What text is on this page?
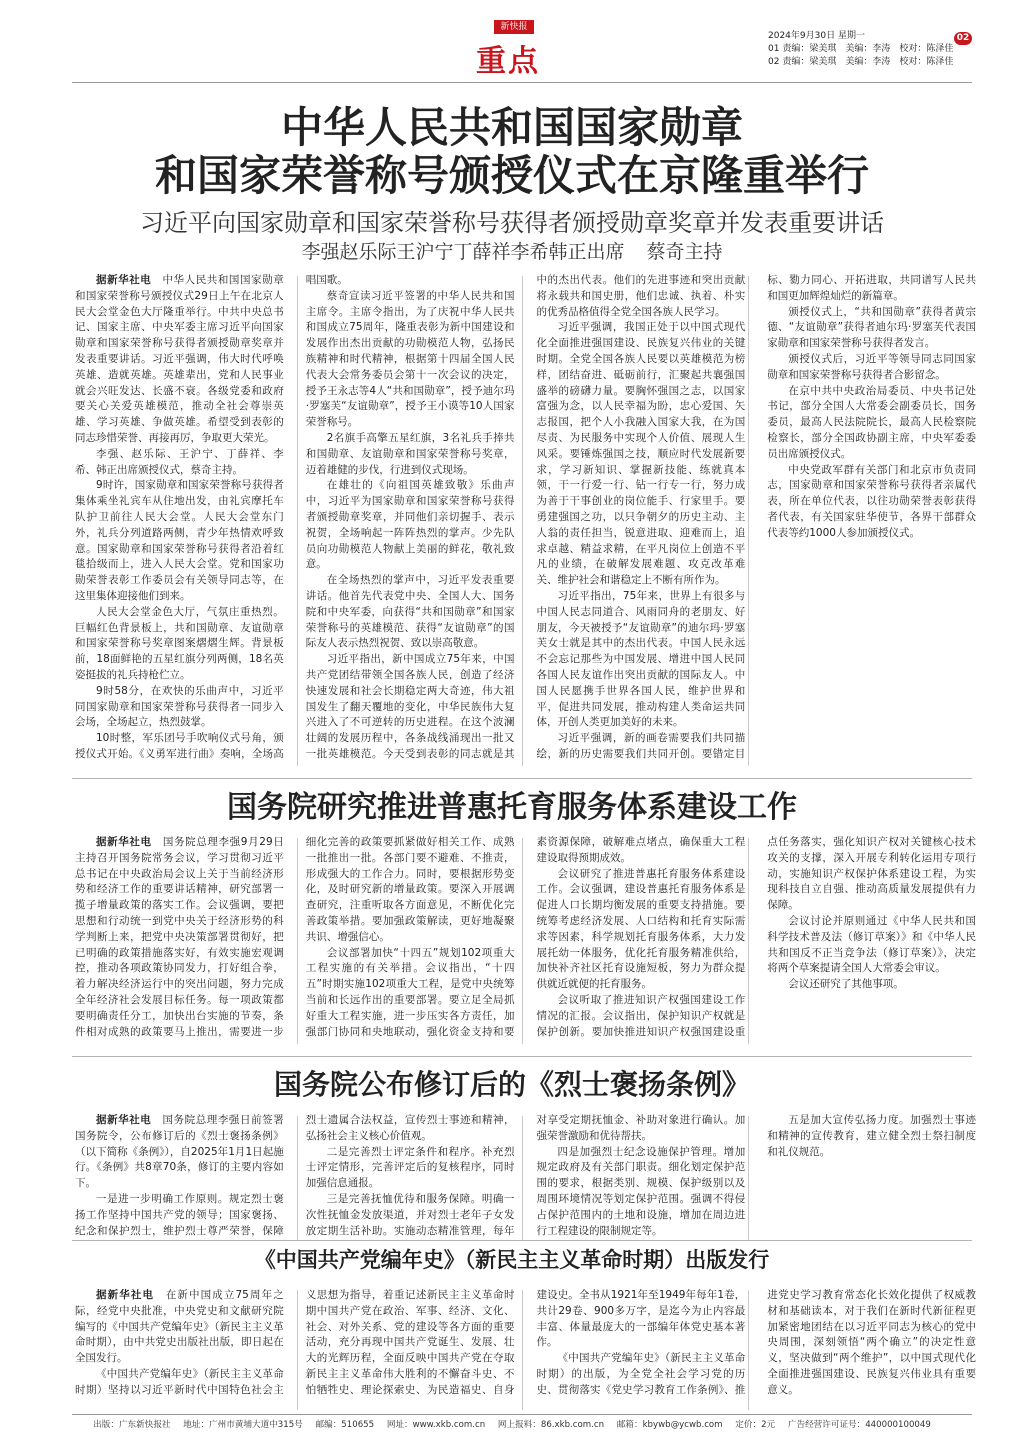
新快报
重点
2024年9月30日 星期一
01 责编：梁美琪　美编：李涛　校对：陈泽佳
02 责编：梁美琪　美编：李涛　校对：陈泽佳
02
中华人民共和国国家勋章
和国家荣誉称号颁授仪式在京隆重举行
习近平向国家勋章和国家荣誉称号获得者颁授勋章奖章并发表重要讲话
李强赵乐际王沪宁丁薛祥李希韩正出席 蔡奇主持

据新华社电　 中华人民共和国国家勋章和国家荣誉称号颁授仪式29日上午在北京人民大会堂金色大厅隆重举行。中共中央总书记、国家主席、中央军委主席习近平向国家勋章和国家荣誉称号获得者颁授勋章奖章并发表重要讲话。习近平强调，伟大时代呼唤英雄、造就英雄。英雄辈出，党和人民事业就会兴旺发达、长盛不衰。各级党委和政府要关心关爱英雄模范，推动全社会尊崇英雄、学习英雄、争做英雄。希望受到表彰的同志珍惜荣誉、再接再厉，争取更大荣光。

李强、赵乐际、王沪宁、丁薛祥、李希、韩正出席颁授仪式，蔡奇主持。

9时许，国家勋章和国家荣誉称号获得者集体乘坐礼宾车从住地出发，由礼宾摩托车队护卫前往人民大会堂。人民大会堂东门外，礼兵分列道路两侧，青少年热情欢呼致意。国家勋章和国家荣誉称号获得者沿着红毯拾级而上，进入人民大会堂。党和国家功勋荣誉表彰工作委员会有关领导同志等，在这里集体迎接他们到来。

人民大会堂金色大厅，气氛庄重热烈。巨幅红色背景板上，共和国勋章、友谊勋章和国家荣誉称号奖章图案熠熠生辉。背景板前，18面鲜艳的五星红旗分列两侧，18名英姿挺拔的礼兵持枪伫立。

9时58分，在欢快的乐曲声中，习近平同国家勋章和国家荣誉称号获得者一同步入会场，全场起立，热烈鼓掌。

10时整，军乐团号手吹响仪式号角，颁授仪式开始。《义勇军进行曲》奏响，全场高唱国歌。

蔡奇宣读习近平签署的中华人民共和国主席令。主席令指出，为了庆祝中华人民共和国成立75周年，隆重表彰为新中国建设和发展作出杰出贡献的功勋模范人物，弘扬民族精神和时代精神，根据第十四届全国人民代表大会常务委员会第十一次会议的决定，授予王永志等4人“共和国勋章”，授予迪尔玛·罗塞芙“友谊勋章”，授予王小谟等10人国家荣誉称号。

2名旗手高擎五星红旗，3名礼兵手捧共和国勋章、友谊勋章和国家荣誉称号奖章，迈着雄健的步伐，行进到仪式现场。

在雄壮的《向祖国英雄致敬》乐曲声中，习近平为国家勋章和国家荣誉称号获得者颁授勋章奖章，并同他们亲切握手、表示祝贺，全场响起一阵阵热烈的掌声。少先队员向功勋模范人物献上美丽的鲜花，敬礼致意。

在全场热烈的掌声中，习近平发表重要讲话。他首先代表党中央、全国人大、国务院和中央军委，向获得“共和国勋章”和国家荣誉称号的英雄模范、获得“友谊勋章”的国际友人表示热烈祝贺、致以崇高敬意。

习近平指出，新中国成立75年来，中国共产党团结带领全国各族人民，创造了经济快速发展和社会长期稳定两大奇迹，伟大祖国发生了翻天覆地的变化，中华民族伟大复兴进入了不可逆转的历史进程。在这个波澜壮阔的发展历程中，各条战线涌现出一批又一批英雄模范。今天受到表彰的同志就是其中的杰出代表。他们的先进事迹和突出贡献将永载共和国史册，他们忠诚、执着、朴实的优秀品格值得全党全国各族人民学习。

习近平强调，我国正处于以中国式现代化全面推进强国建设、民族复兴伟业的关键时期。全党全国各族人民要以英雄模范为榜样，团结奋进、砥砺前行，汇聚起共襄强国盛举的磅礴力量。要胸怀强国之志，以国家富强为念，以人民幸福为盼，忠心爱国、矢志报国，把个人小我融入国家大我，在为国尽责、为民服务中实现个人价值、展现人生风采。要锤炼强国之技，顺应时代发展新要求，学习新知识、掌握新技能、练就真本领，干一行爱一行、钻一行专一行，努力成为善于干事创业的岗位能手、行家里手。要勇建强国之功，以只争朝夕的历史主动、主人翁的责任担当，锐意进取、迎难而上，追求卓越、精益求精，在平凡岗位上创造不平凡的业绩，在破解发展难题、攻克改革难关、维护社会和谐稳定上不断有所作为。

习近平指出，75年来，世界上有很多与中国人民志同道合、风雨同舟的老朋友、好朋友，今天被授予“友谊勋章”的迪尔玛·罗塞芙女士就是其中的杰出代表。中国人民永远不会忘记那些为中国发展、增进中国人民同各国人民友谊作出突出贡献的国际友人。中国人民愿携手世界各国人民，维护世界和平，促进共同发展，推动构建人类命运共同体，开创人类更加美好的未来。

习近平强调，新的画卷需要我们共同描绘，新的历史需要我们共同开创。要错定目标、勠力同心、开拓进取，共同谱写人民共和国更加辉煌灿烂的新篇章。

颁授仪式上，“共和国勋章”获得者黄宗德、“友谊勋章”获得者迪尔玛·罗塞芙代表国家勋章和国家荣誉称号获得者发言。

颁授仪式后，习近平等领导同志同国家勋章和国家荣誉称号获得者合影留念。

在京中共中央政治局委员、中央书记处书记，部分全国人大常委会副委员长，国务委员，最高人民法院院长，最高人民检察院检察长，部分全国政协副主席，中央军委委员出席颁授仪式。

中央党政军群有关部门和北京市负责同志，国家勋章和国家荣誉称号获得者亲属代表，所在单位代表，以往功勋荣誉表彰获得者代表，有关国家驻华使节，各界干部群众代表等约1000人参加颁授仪式。

国务院研究推进普惠托育服务体系建设工作

据新华社电　 国务院总理李强9月29日主持召开国务院常务会议，学习贯彻习近平总书记在中央政治局会议上关于当前经济形势和经济工作的重要讲话精神，研究部署一揽子增量政策的落实工作。会议强调，要把思想和行动统一到党中央关于经济形势的科学判断上来，把党中央决策部署贯彻好，把已明确的政策措施落实好，有效实施宏观调控，推动各项政策协同发力，打好组合拳，着力解决经济运行中的突出问题，努力完成全年经济社会发展目标任务。每一项政策都要明确责任分工，加快出台实施的节奏，条件相对成熟的政策要马上推出，需要进一步细化完善的政策要抓紧做好相关工作、成熟一批推出一批。各部门要不避难、不推责，形成强大的工作合力。同时，要根据形势变化，及时研究新的增量政策。要深入开展调查研究，注重听取各方面意见，不断优化完善政策举措。要加强政策解读，更好地凝聚共识、增强信心。

会议部署加快“十四五”规划102项重大工程实施的有关举措。会议指出，“十四五”时期实施102项重大工程，是党中央统筹当前和长远作出的重要部署。要立足全局抓好重大工程实施，进一步压实各方责任，加强部门协同和央地联动，强化资金支持和要素资源保障，破解难点堵点，确保重大工程建设取得预期成效。

会议研究了推进普惠托育服务体系建设工作。会议强调，建设普惠托育服务体系是促进人口长期均衡发展的重要支持措施。要统筹考虑经济发展、人口结构和托育实际需求等因素，科学规划托育服务体系，大力发展托幼一体服务，优化托育服务精准供给，加快补齐社区托育设施短板，努力为群众提供就近就便的托育服务。

会议听取了推进知识产权强国建设工作情况的汇报。会议指出，保护知识产权就是保护创新。要加快推进知识产权强国建设重点任务落实，强化知识产权对关键核心技术攻关的支撑，深入开展专利转化运用专项行动，实施知识产权保护体系建设工程，为实现科技自立自强、推动高质量发展提供有力保障。

会议讨论并原则通过《中华人民共和国科学技术普及法（修订草案）》和《中华人民共和国反不正当竞争法（修订草案）》，决定将两个草案提请全国人大常委会审议。

会议还研究了其他事项。

国务院公布修订后的《烈士褒扬条例》

据新华社电　 国务院总理李强日前签署国务院令，公布修订后的《烈士褒扬条例》（以下简称《条例》），自2025年1月1日起施行。《条例》共8章70条，修订的主要内容如下。

一是进一步明确工作原则。规定烈士褒扬工作坚持中国共产党的领导；国家褒扬、纪念和保护烈士，维护烈士尊严荣誉，保障烈士遗属合法权益，宣传烈士事迹和精神，弘扬社会主义核心价值观。

二是完善烈士评定条件和程序。补充烈士评定情形，完善评定后的复核程序，同时加强信息通报。

三是完善抚恤优待和服务保障。明确一次性抚恤金发放渠道，并对烈士老年子女发放定期生活补助。实施动态精准管理，每年对享受定期抚恤金、补助对象进行确认。加强荣誉激励和优待帮扶。

四是加强烈士纪念设施保护管理。增加规定政府及有关部门职责。细化划定保护范围的要求，根据类别、规模、保护级别以及周围环境情况等划定保护范围。强调不得侵占保护范围内的土地和设施，增加在周边进行工程建设的限制规定等。

五是加大宣传弘扬力度。加强烈士事迹和精神的宣传教育，建立健全烈士祭扫制度和礼仪规范。

《中国共产党编年史》（新民主主义革命时期）出版发行

据新华社电　 在新中国成立75周年之际，经党中央批准，中央党史和文献研究院编写的《中国共产党编年史》（新民主主义革命时期），由中共党史出版社出版，即日起在全国发行。

《中国共产党编年史》（新民主主义革命时期）坚持以习近平新时代中国特色社会主义思想为指导，着重记述新民主主义革命时期中国共产党在政治、军事、经济、文化、社会、对外关系、党的建设等各方面的重要活动，充分再现中国共产党诞生、发展、壮大的光辉历程，全面反映中国共产党在夺取新民主主义革命伟大胜利的不懈奋斗史、不怕牺牲史、理论探索史、为民造福史、自身建设史。全书从1921年至1949年每年1卷，共计29卷、900多万字，是迄今为止内容最丰富、体量最庞大的一部编年体党史基本著作。

《中国共产党编年史》（新民主主义革命时期）的出版，为全党全社会学习党的历史、贯彻落实《党史学习教育工作条例》、推进党史学习教育常态化长效化提供了权威教材和基础读本，对于我们在新时代新征程更加紧密地团结在以习近平同志为核心的党中央周围，深刻领悟“两个确立”的决定性意义，坚决做到“两个维护”，以中国式现代化全面推进强国建设、民族复兴伟业具有重要意义。

出版：广东新快报社 地址：广州市黄埔大道中315号 邮编：510655 网址：www.xkb.com.cn 网上报料：86.xkb.com.cn 邮箱：kbywb@ycwb.com 定价：2元 广告经营许可证号：440000100049
